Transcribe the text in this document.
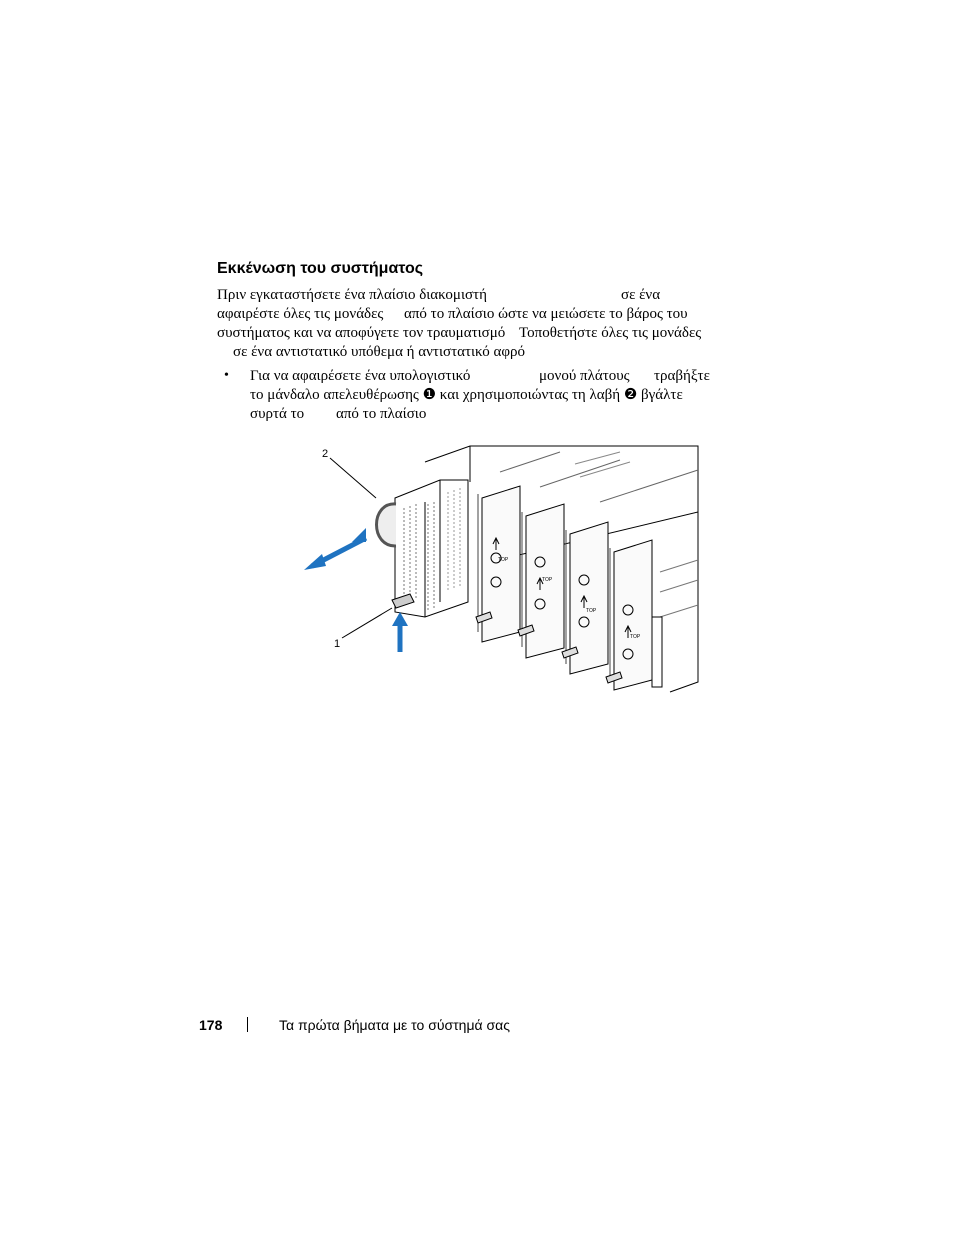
Εκκένωση του συστήματος
Πριν εγκαταστήσετε ένα πλαίσιο διακομιστή	σε ένα
αφαιρέστε όλες τις μονάδες από το πλαίσιο ώστε να μειώσετε το βάρος του
συστήματος και να αποφύγετε τον τραυματισμό Τοποθετήστε όλες τις μονάδες
σε ένα αντιστατικό υπόθεμα ή αντιστατικό αφρό
• Για να αφαιρέσετε ένα υπολογιστικό	μονού πλάτους τραβήξτε
το μάνδαλο απελευθέρωσης ❶ και χρησιμοποιώντας τη λαβή ❷ βγάλτε
συρτά το από το πλαίσιο
TOP
TOP
TOP
TOP
2
1
178	Τα πρώτα βήματα με το σύστημά σας
